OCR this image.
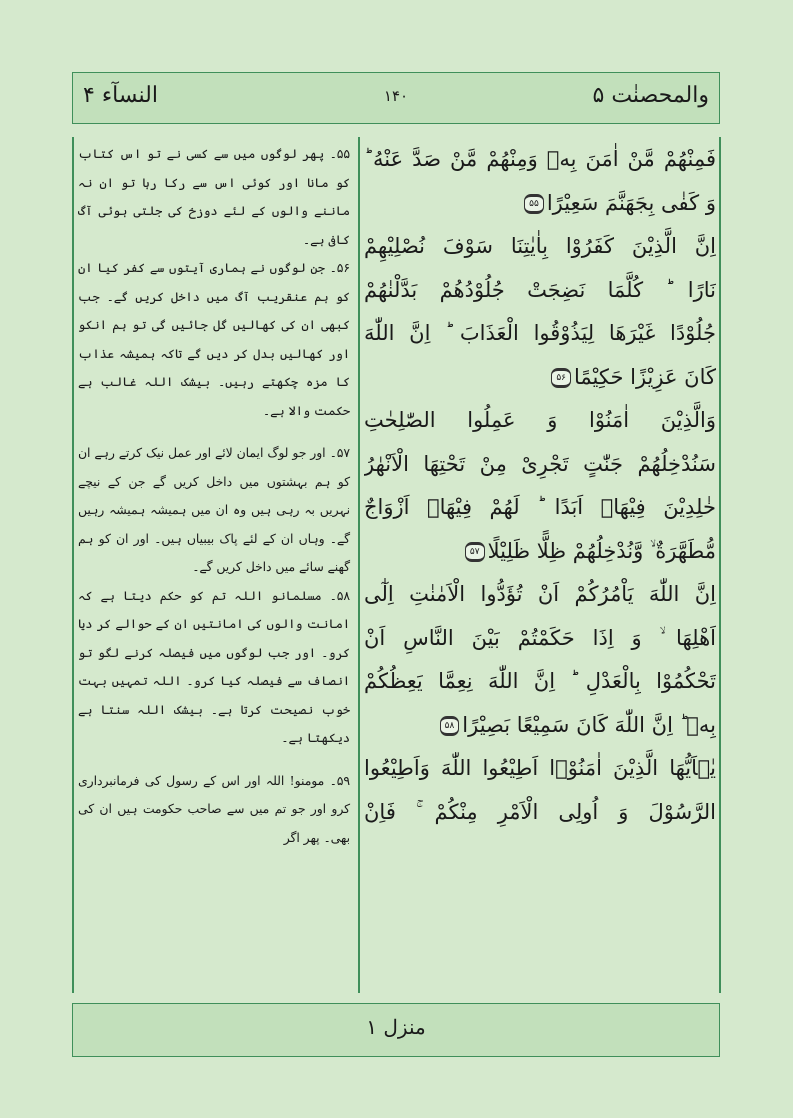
والمحصنٰت ۵
۱۴۰
النسآء ۴

۵۵۔ پھر لوگوں میں سے کسی نے تو اس کتاب کو مانا اور کوئی اس سے رکا رہا تو ان نہ ماننے والوں کے لئے دوزخ کی جلتی ہوئی آگ کافی ہے۔

۵۶۔ جن لوگوں نے ہماری آیتوں سے کفر کیا ان کو ہم عنقریب آگ میں داخل کریں گے۔ جب کبھی ان کی کھالیں گل جائیں گی تو ہم انکو اور کھالیں بدل کر دیں گے تاکہ ہمیشہ عذاب کا مزہ چکھتے رہیں۔ بیشک اللہ غالب ہے حکمت والا ہے۔

۵۷۔ اور جو لوگ ایمان لائے اور عمل نیک کرتے رہے ان کو ہم بہشتوں میں داخل کریں گے جن کے نیچے نہریں بہ رہی ہیں وہ ان میں ہمیشہ ہمیشہ رہیں گے۔ وہاں ان کے لئے پاک بیبیاں ہیں۔ اور ان کو ہم گھنے سائے میں داخل کریں گے۔

۵۸۔ مسلمانو اللہ تم کو حکم دیتا ہے کہ امانت والوں کی امانتیں ان کے حوالے کر دیا کرو۔ اور جب لوگوں میں فیصلہ کرنے لگو تو انصاف سے فیصلہ کیا کرو۔ اللہ تمہیں بہت خوب نصیحت کرتا ہے۔ بیشک اللہ سنتا ہے دیکھتا ہے۔

۵۹۔ مومنو! اللہ اور اس کے رسول کی فرمانبرداری کرو اور جو تم میں سے صاحب حکومت ہیں ان کی بھی۔ پھر اگر

فَمِنْهُمْ مَّنْ اٰمَنَ بِهٖ وَمِنْهُمْ مَّنْ صَدَّ عَنْهُ ؕ
وَ كَفٰى بِجَهَنَّمَ سَعِيْرًا۵۵
اِنَّ الَّذِيْنَ كَفَرُوْا بِاٰيٰتِنَا سَوْفَ نُصْلِيْهِمْ
نَارًا ؕ كُلَّمَا نَضِجَتْ جُلُوْدُهُمْ بَدَّلْنٰهُمْ
جُلُوْدًا غَيْرَهَا لِيَذُوْقُوا الْعَذَابَ ؕ اِنَّ اللّٰهَ
كَانَ عَزِيْزًا حَكِيْمًا۵۶
وَالَّذِيْنَ اٰمَنُوْا وَ عَمِلُوا الصّٰلِحٰتِ
سَنُدْخِلُهُمْ جَنّٰتٍ تَجْرِىْ مِنْ تَحْتِهَا الْاَنْهٰرُ
خٰلِدِيْنَ فِيْهَاۤ اَبَدًا ؕ لَهُمْ فِيْهَاۤ اَزْوَاجٌ
مُّطَهَّرَةٌ ۙ وَّنُدْخِلُهُمْ ظِلًّا ظَلِيْلًا۵۷
اِنَّ اللّٰهَ يَاْمُرُكُمْ اَنْ تُؤَدُّوا الْاَمٰنٰتِ اِلٰٓى
اَهْلِهَا ۙ وَ اِذَا حَكَمْتُمْ بَيْنَ النَّاسِ اَنْ
تَحْكُمُوْا بِالْعَدْلِ ؕ اِنَّ اللّٰهَ نِعِمَّا يَعِظُكُمْ
بِهٖ ؕ اِنَّ اللّٰهَ كَانَ سَمِيْعًا بَصِيْرًا۵۸
يٰۤاَيُّهَا الَّذِيْنَ اٰمَنُوْۤا اَطِيْعُوا اللّٰهَ وَاَطِيْعُوا
الرَّسُوْلَ وَ اُولِى الْاَمْرِ مِنْكُمْ ۚ فَاِنْ
منزل ۱
